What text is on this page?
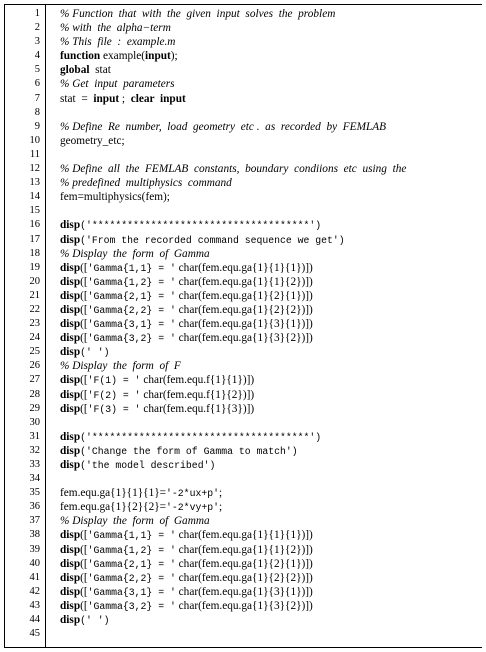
1 % Function  that  with  the  given  input  solves  the  problem
2 % with  the  alpha−term
3 % This  file  :  example.m
4 function example(input);
5 global  stat
6 % Get  input  parameters
7 stat  =  input ;  clear  input
8
9 % Define  Re  number,  load  geometry  etc .  as  recorded  by  FEMLAB
10 geometry_etc;
11
12 % Define  all  the  FEMLAB  constants,  boundary  condiions  etc  using  the
13 % predefined  multiphysics  command
14 fem=multiphysics(fem);
15
16 disp('*************************************')
17 disp('From the recorded command sequence we get')
18 % Display  the  form  of  Gamma
19 disp(['Gamma{1,1} = ' char(fem.equ.ga{1}{1}{1})])
20 disp(['Gamma{1,2} = ' char(fem.equ.ga{1}{1}{2})])
21 disp(['Gamma{2,1} = ' char(fem.equ.ga{1}{2}{1})])
22 disp(['Gamma{2,2} = ' char(fem.equ.ga{1}{2}{2})])
23 disp(['Gamma{3,1} = ' char(fem.equ.ga{1}{3}{1})])
24 disp(['Gamma{3,2} = ' char(fem.equ.ga{1}{3}{2})])
25 disp(' ')
26 % Display  the  form  of  F
27 disp(['F(1) = ' char(fem.equ.f{1}{1})])
28 disp(['F(2) = ' char(fem.equ.f{1}{2})])
29 disp(['F(3) = ' char(fem.equ.f{1}{3})])
30
31 disp('*************************************')
32 disp('Change the form of Gamma to match')
33 disp('the model described')
34
35 fem.equ.ga{1}{1}{1}='-2*ux+p';
36 fem.equ.ga{1}{2}{2}='-2*vy+p';
37 % Display  the  form  of  Gamma
38 disp(['Gamma{1,1} = ' char(fem.equ.ga{1}{1}{1})])
39 disp(['Gamma{1,2} = ' char(fem.equ.ga{1}{1}{2})])
40 disp(['Gamma{2,1} = ' char(fem.equ.ga{1}{2}{1})])
41 disp(['Gamma{2,2} = ' char(fem.equ.ga{1}{2}{2})])
42 disp(['Gamma{3,1} = ' char(fem.equ.ga{1}{3}{1})])
43 disp(['Gamma{3,2} = ' char(fem.equ.ga{1}{3}{2})])
44 disp(' ')
45
